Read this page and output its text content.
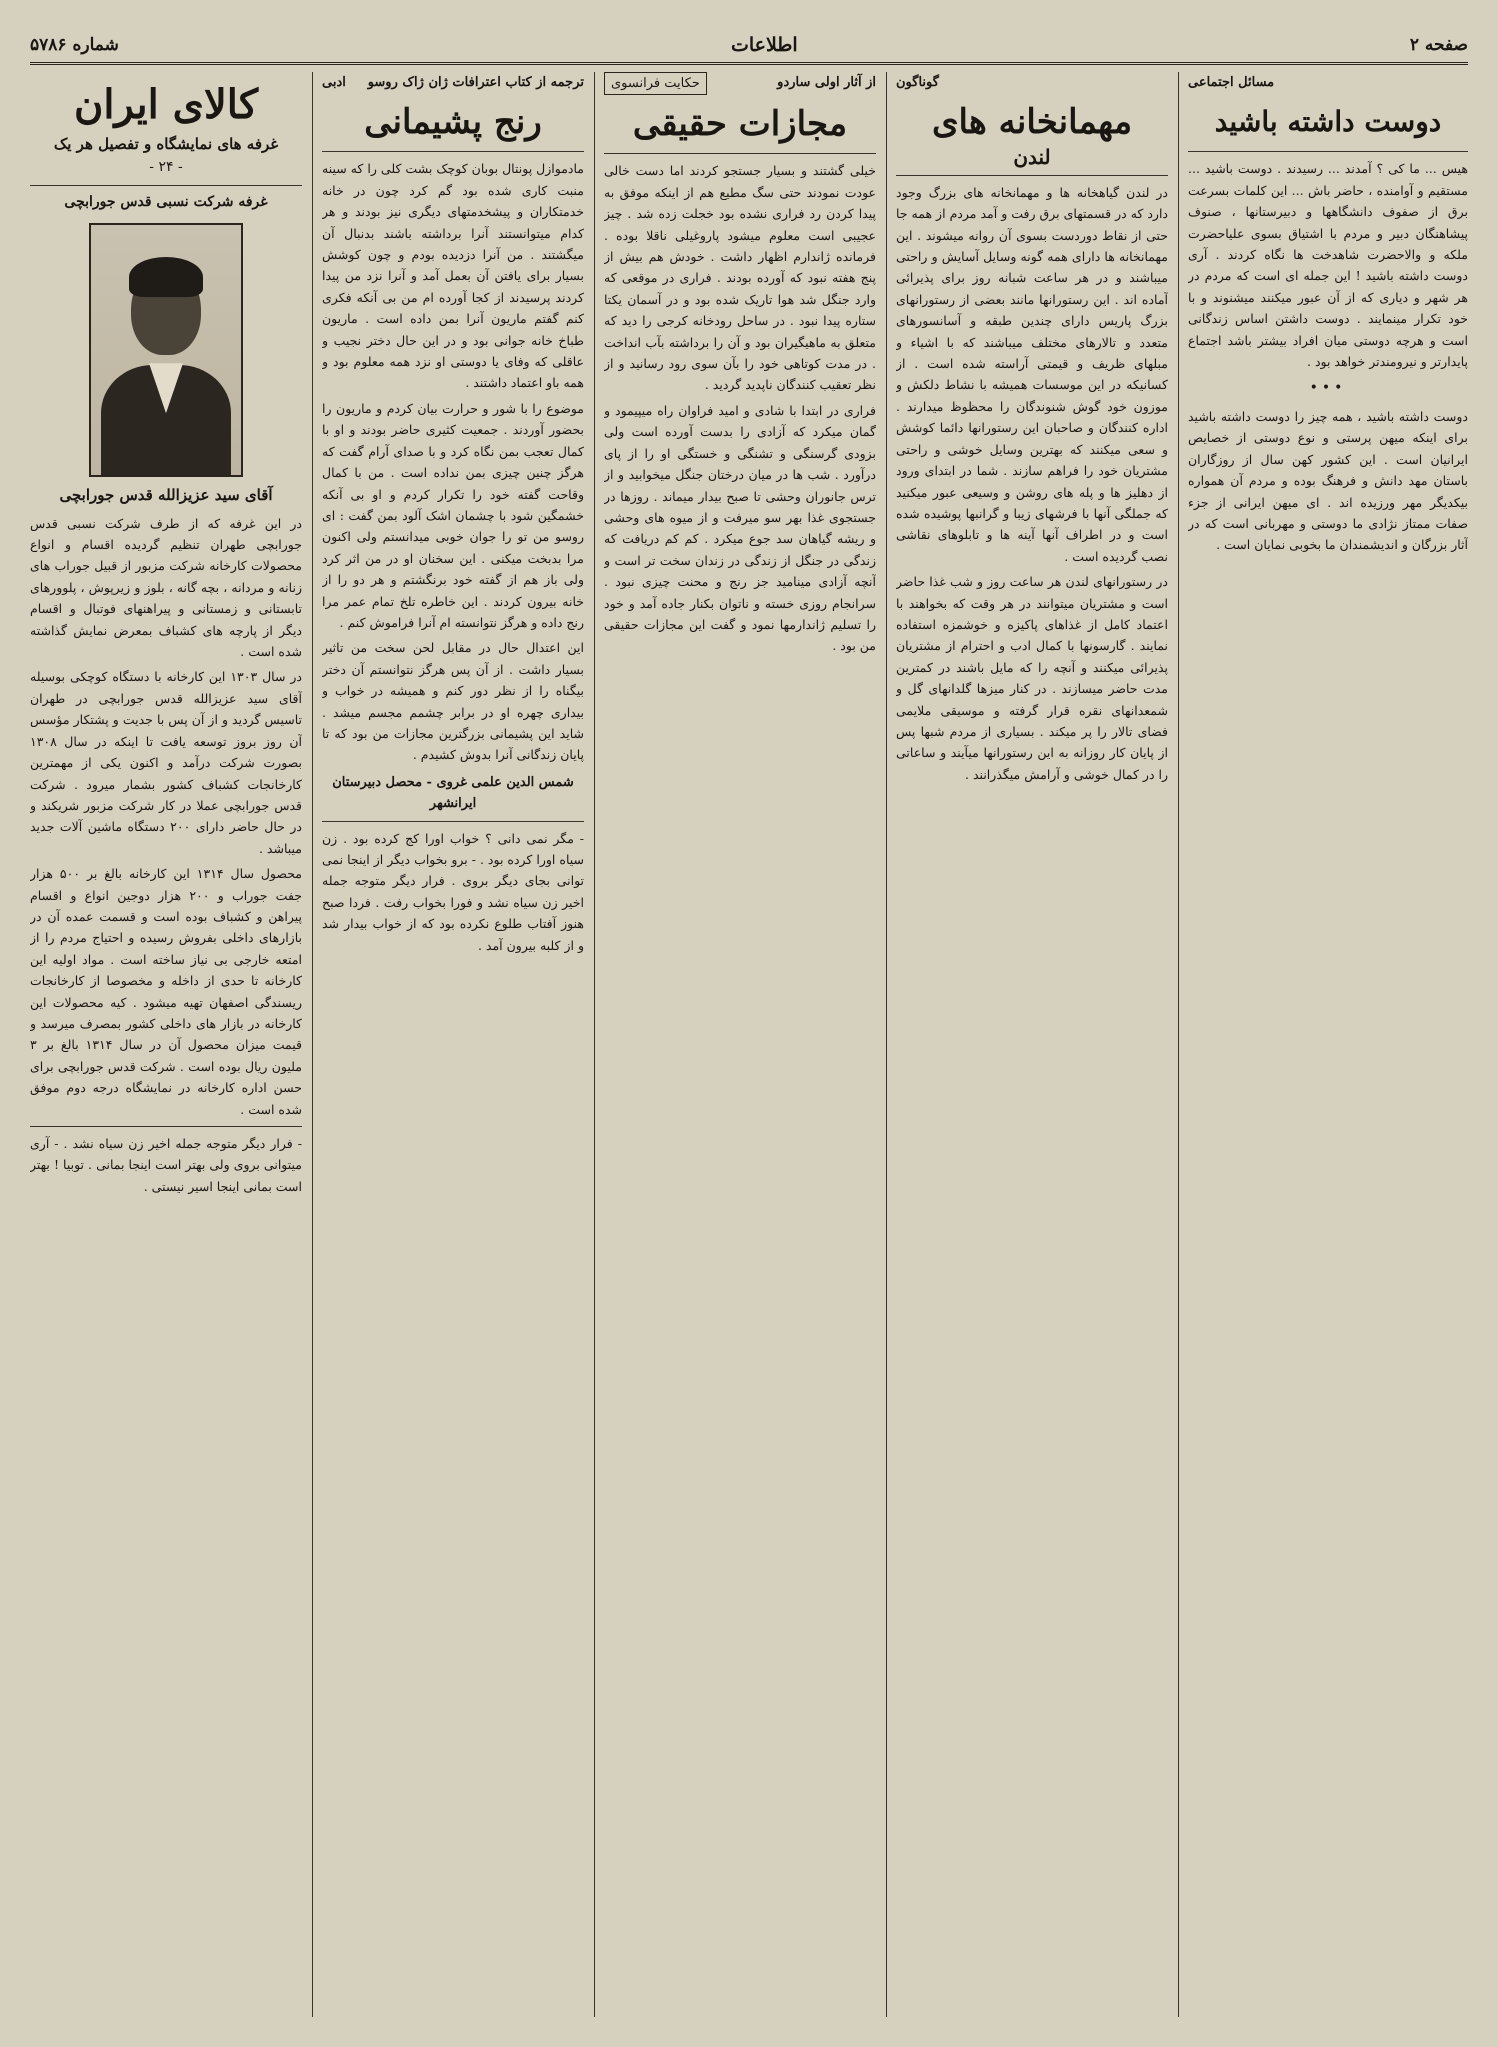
شماره ۵۷۸۶	اطلاعات	صفحه ۲
کالای ایران
غرفه های نمایشگاه و تفصیل هر یک
- ۲۴ -
غرفه شرکت نسبی قدس جورابچی
آقای سید عزیزالله قدس جورابچی

در این غرفه که از طرف شرکت نسبی قدس جورابچی طهران تنظیم گردیده اقسام و انواع محصولات کارخانه شرکت مزبور از قبیل جوراب های زنانه و مردانه ، بچه گانه ، بلوز و زیرپوش ، پلوورهای تابستانی و زمستانی و پیراهنهای فوتبال و اقسام دیگر از پارچه های کشباف بمعرض نمایش گذاشته شده است .

در سال ۱۳۰۳ این کارخانه با دستگاه کوچکی بوسیله آقای سید عزیزالله قدس جورابچی در طهران تاسیس گردید و از آن پس با جدیت و پشتکار مؤسس آن روز بروز توسعه یافت تا اینکه در سال ۱۳۰۸ بصورت شرکت درآمد و اکنون یکی از مهمترین کارخانجات کشباف کشور بشمار میرود . شرکت قدس جورابچی عملا در کار شرکت مزبور شریکند و در حال حاضر دارای ۲۰۰ دستگاه ماشین آلات جدید میباشد .

محصول سال ۱۳۱۴ این کارخانه بالغ بر ۵۰۰ هزار جفت جوراب و ۲۰۰ هزار دوجین انواع و اقسام پیراهن و کشباف بوده است و قسمت عمده آن در بازارهای داخلی بفروش رسیده و احتیاج مردم را از امتعه خارجی بی نیاز ساخته است . مواد اولیه این کارخانه تا حدی از داخله و مخصوصا از کارخانجات ریسندگی اصفهان تهیه میشود . کیه محصولات این کارخانه در بازار های داخلی کشور بمصرف میرسد و قیمت میزان محصول آن در سال ۱۳۱۴ بالغ بر ۳ ملیون ریال بوده است . شرکت قدس جورابچی برای حسن اداره کارخانه در نمایشگاه درجه دوم موفق شده است .

- فرار دیگر متوجه جمله اخیر زن سیاه نشد . - آری میتوانی بروی ولی بهتر است اینجا بمانی . توبیا ! بهتر است بمانی اینجا اسیر نیستی .

ترجمه از کتاب اعترافات ژان ژاک روسو
ادبی
رنج پشیمانی

مادموازل پونتال بوبان کوچک بشت کلی را که سینه منبت کاری شده بود گم کرد چون در خانه خدمتکاران و پیشخدمتهای دیگری نیز بودند و هر کدام میتوانستند آنرا برداشته باشند بدنبال آن میگشتند . من آنرا دزدیده بودم و چون کوشش بسیار برای یافتن آن بعمل آمد و آنرا نزد من پیدا کردند پرسیدند از کجا آورده ام من بی آنکه فکری کنم گفتم ماریون آنرا بمن داده است . ماریون طباخ خانه جوانی بود و در این حال دختر نجیب و عاقلی که وفای یا دوستی او نزد همه معلوم بود و همه باو اعتماد داشتند .

موضوع را با شور و حرارت بیان کردم و ماریون را بحضور آوردند . جمعیت کثیری حاضر بودند و او با کمال تعجب بمن نگاه کرد و با صدای آرام گفت که هرگز چنین چیزی بمن نداده است . من با کمال وقاحت گفته خود را تکرار کردم و او بی آنکه خشمگین شود با چشمان اشک آلود بمن گفت : ای روسو من تو را جوان خوبی میدانستم ولی اکنون مرا بدبخت میکنی . این سخنان او در من اثر کرد ولی باز هم از گفته خود برنگشتم و هر دو را از خانه بیرون کردند . این خاطره تلخ تمام عمر مرا رنج داده و هرگز نتوانسته ام آنرا فراموش کنم .

این اعتدال حال در مقابل لحن سخت من تاثیر بسیار داشت . از آن پس هرگز نتوانستم آن دختر بیگناه را از نظر دور کنم و همیشه در خواب و بیداری چهره او در برابر چشمم مجسم میشد . شاید این پشیمانی بزرگترین مجازات من بود که تا پایان زندگانی آنرا بدوش کشیدم .

شمس الدین علمی غروی - محصل دبیرستان ایرانشهر

- مگر نمی دانی ؟ خواب اورا کج کرده بود . زن سیاه اورا کرده بود . - برو بخواب دیگر از اینجا نمی توانی بجای دیگر بروی . فرار دیگر متوجه جمله اخیر زن سیاه نشد و فورا بخواب رفت . فردا صبح هنوز آفتاب طلوع نکرده بود که از خواب بیدار شد و از کلبه بیرون آمد .

از آثار اولی ساردو
حکایت فرانسوی
مجازات حقیقی

خیلی گشتند و بسیار جستجو کردند اما دست خالی عودت نمودند حتی سگ مطیع هم از اینکه موفق به پیدا کردن رد فراری نشده بود خجلت زده شد . چیز عجیبی است معلوم میشود پاروغیلی ناقلا بوده . فرمانده ژاندارم اظهار داشت . خودش هم بیش از پنج هفته نبود که آورده بودند . فراری در موقعی که وارد جنگل شد هوا تاریک شده بود و در آسمان یکتا ستاره پیدا نبود . در ساحل رودخانه کرجی را دید که متعلق به ماهیگیران بود و آن را برداشته بآب انداخت . در مدت کوتاهی خود را بآن سوی رود رسانید و از نظر تعقیب کنندگان ناپدید گردید .

فراری در ابتدا با شادی و امید فراوان راه میپیمود و گمان میکرد که آزادی را بدست آورده است ولی بزودی گرسنگی و تشنگی و خستگی او را از پای درآورد . شب ها در میان درختان جنگل میخوابید و از ترس جانوران وحشی تا صبح بیدار میماند . روزها در جستجوی غذا بهر سو میرفت و از میوه های وحشی و ریشه گیاهان سد جوع میکرد . کم کم دریافت که زندگی در جنگل از زندگی در زندان سخت تر است و آنچه آزادی مینامید جز رنج و محنت چیزی نبود . سرانجام روزی خسته و ناتوان بکنار جاده آمد و خود را تسلیم ژاندارمها نمود و گفت این مجازات حقیقی من بود .

گوناگون
مهمانخانه های
لندن

در لندن گیاهخانه ها و مهمانخانه های بزرگ وجود دارد که در قسمتهای برق رفت و آمد مردم از همه جا حتی از نقاط دوردست بسوی آن روانه میشوند . این مهمانخانه ها دارای همه گونه وسایل آسایش و راحتی میباشند و در هر ساعت شبانه روز برای پذیرائی آماده اند . این رستورانها مانند بعضی از رستورانهای بزرگ پاریس دارای چندین طبقه و آسانسورهای متعدد و تالارهای مختلف میباشند که با اشیاء و مبلهای ظریف و قیمتی آراسته شده است . از کسانیکه در این موسسات همیشه با نشاط دلکش و موزون خود گوش شنوندگان را محظوظ میدارند . اداره کنندگان و صاحبان این رستورانها دائما کوشش و سعی میکنند که بهترین وسایل خوشی و راحتی مشتریان خود را فراهم سازند . شما در ابتدای ورود از دهلیز ها و پله های روشن و وسیعی عبور میکنید که جملگی آنها با فرشهای زیبا و گرانبها پوشیده شده است و در اطراف آنها آینه ها و تابلوهای نقاشی نصب گردیده است .

در رستورانهای لندن هر ساعت روز و شب غذا حاضر است و مشتریان میتوانند در هر وقت که بخواهند با اعتماد کامل از غذاهای پاکیزه و خوشمزه استفاده نمایند . گارسونها با کمال ادب و احترام از مشتریان پذیرائی میکنند و آنچه را که مایل باشند در کمترین مدت حاضر میسازند . در کنار میزها گلدانهای گل و شمعدانهای نقره قرار گرفته و موسیقی ملایمی فضای تالار را پر میکند . بسیاری از مردم شبها پس از پایان کار روزانه به این رستورانها میآیند و ساعاتی را در کمال خوشی و آرامش میگذرانند .

مسائل اجتماعی
دوست داشته باشید

هیس ... ما کی ؟ آمدند ... رسیدند . دوست باشید ... مستقیم و آوامنده ، حاضر باش ... این کلمات بسرعت برق از صفوف دانشگاهها و دبیرستانها ، صنوف پیشاهنگان دبیر و مردم با اشتیاق بسوی علیاحضرت ملکه و والاحضرت شاهدخت ها نگاه کردند . آری دوست داشته باشید ! این جمله ای است که مردم در هر شهر و دیاری که از آن عبور میکنند میشنوند و با خود تکرار مینمایند . دوست داشتن اساس زندگانی است و هرچه دوستی میان افراد بیشتر باشد اجتماع پایدارتر و نیرومندتر خواهد بود .

•••

دوست داشته باشید ، همه چیز را دوست داشته باشید برای اینکه میهن پرستی و نوع دوستی از خصایص ایرانیان است . این کشور کهن سال از روزگاران باستان مهد دانش و فرهنگ بوده و مردم آن همواره بیکدیگر مهر ورزیده اند . ای میهن ایرانی از جزء صفات ممتاز نژادی ما دوستی و مهربانی است که در آثار بزرگان و اندیشمندان ما بخوبی نمایان است .
